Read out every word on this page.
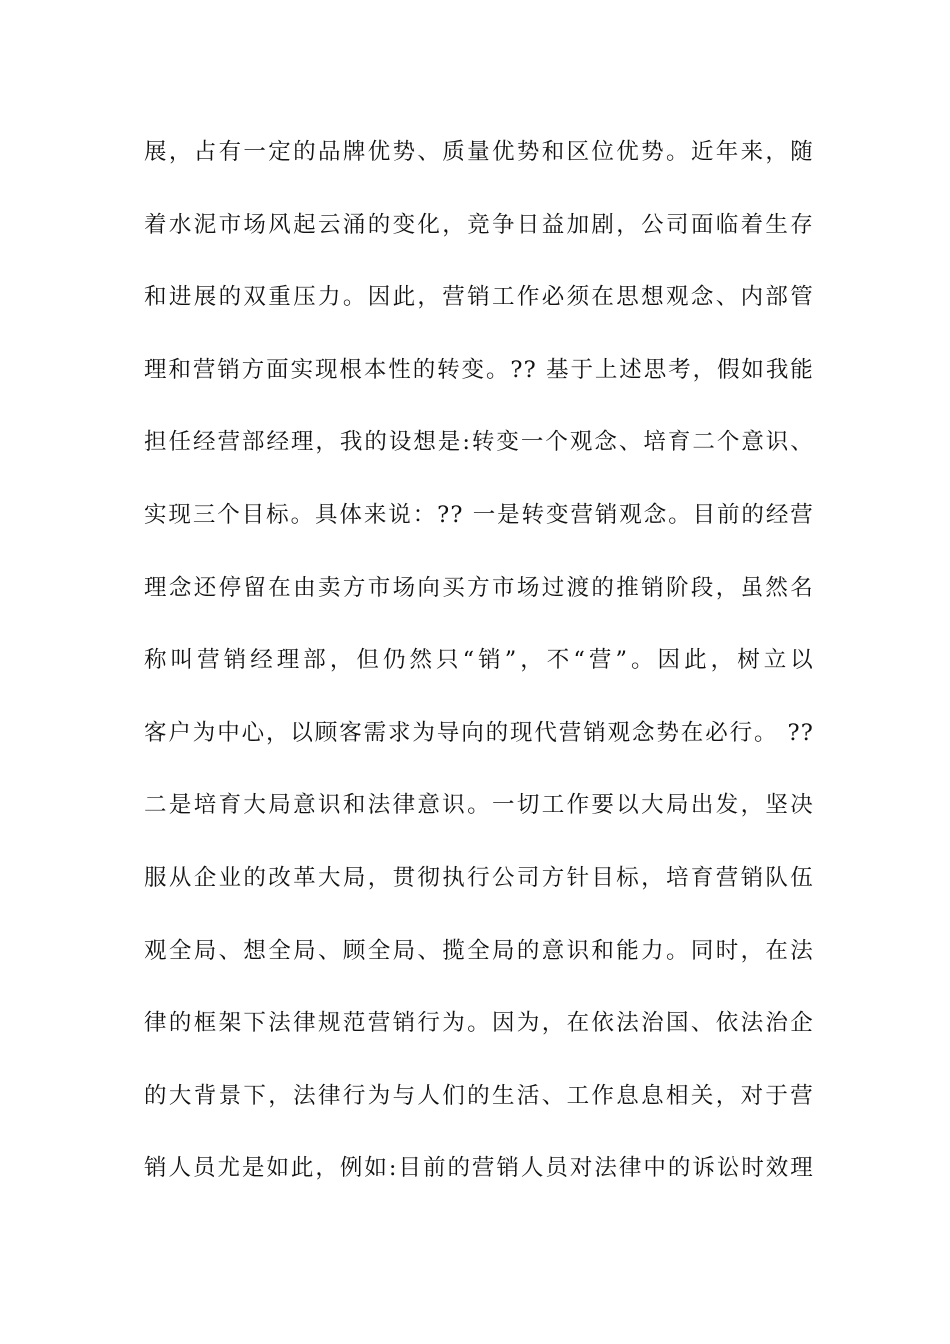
展，占有一定的品牌优势、质量优势和区位优势。近年来，随
着水泥市场风起云涌的变化，竞争日益加剧，公司面临着生存
和进展的双重压力。因此，营销工作必须在思想观念、内部管
理和营销方面实现根本性的转变。?? 基于上述思考，假如我能
担任经营部经理，我的设想是:转变一个观念、培育二个意识、
实现三个目标。具体来说：?? 一是转变营销观念。目前的经营
理念还停留在由卖方市场向买方市场过渡的推销阶段，虽然名
称叫营销经理部，但仍然只“销”，不“营”。因此，树立以
客户为中心，以顾客需求为导向的现代营销观念势在必行。 ??
二是培育大局意识和法律意识。一切工作要以大局出发，坚决
服从企业的改革大局，贯彻执行公司方针目标，培育营销队伍
观全局、想全局、顾全局、揽全局的意识和能力。同时，在法
律的框架下法律规范营销行为。因为，在依法治国、依法治企
的大背景下，法律行为与人们的生活、工作息息相关，对于营
销人员尤是如此，例如:目前的营销人员对法律中的诉讼时效理
